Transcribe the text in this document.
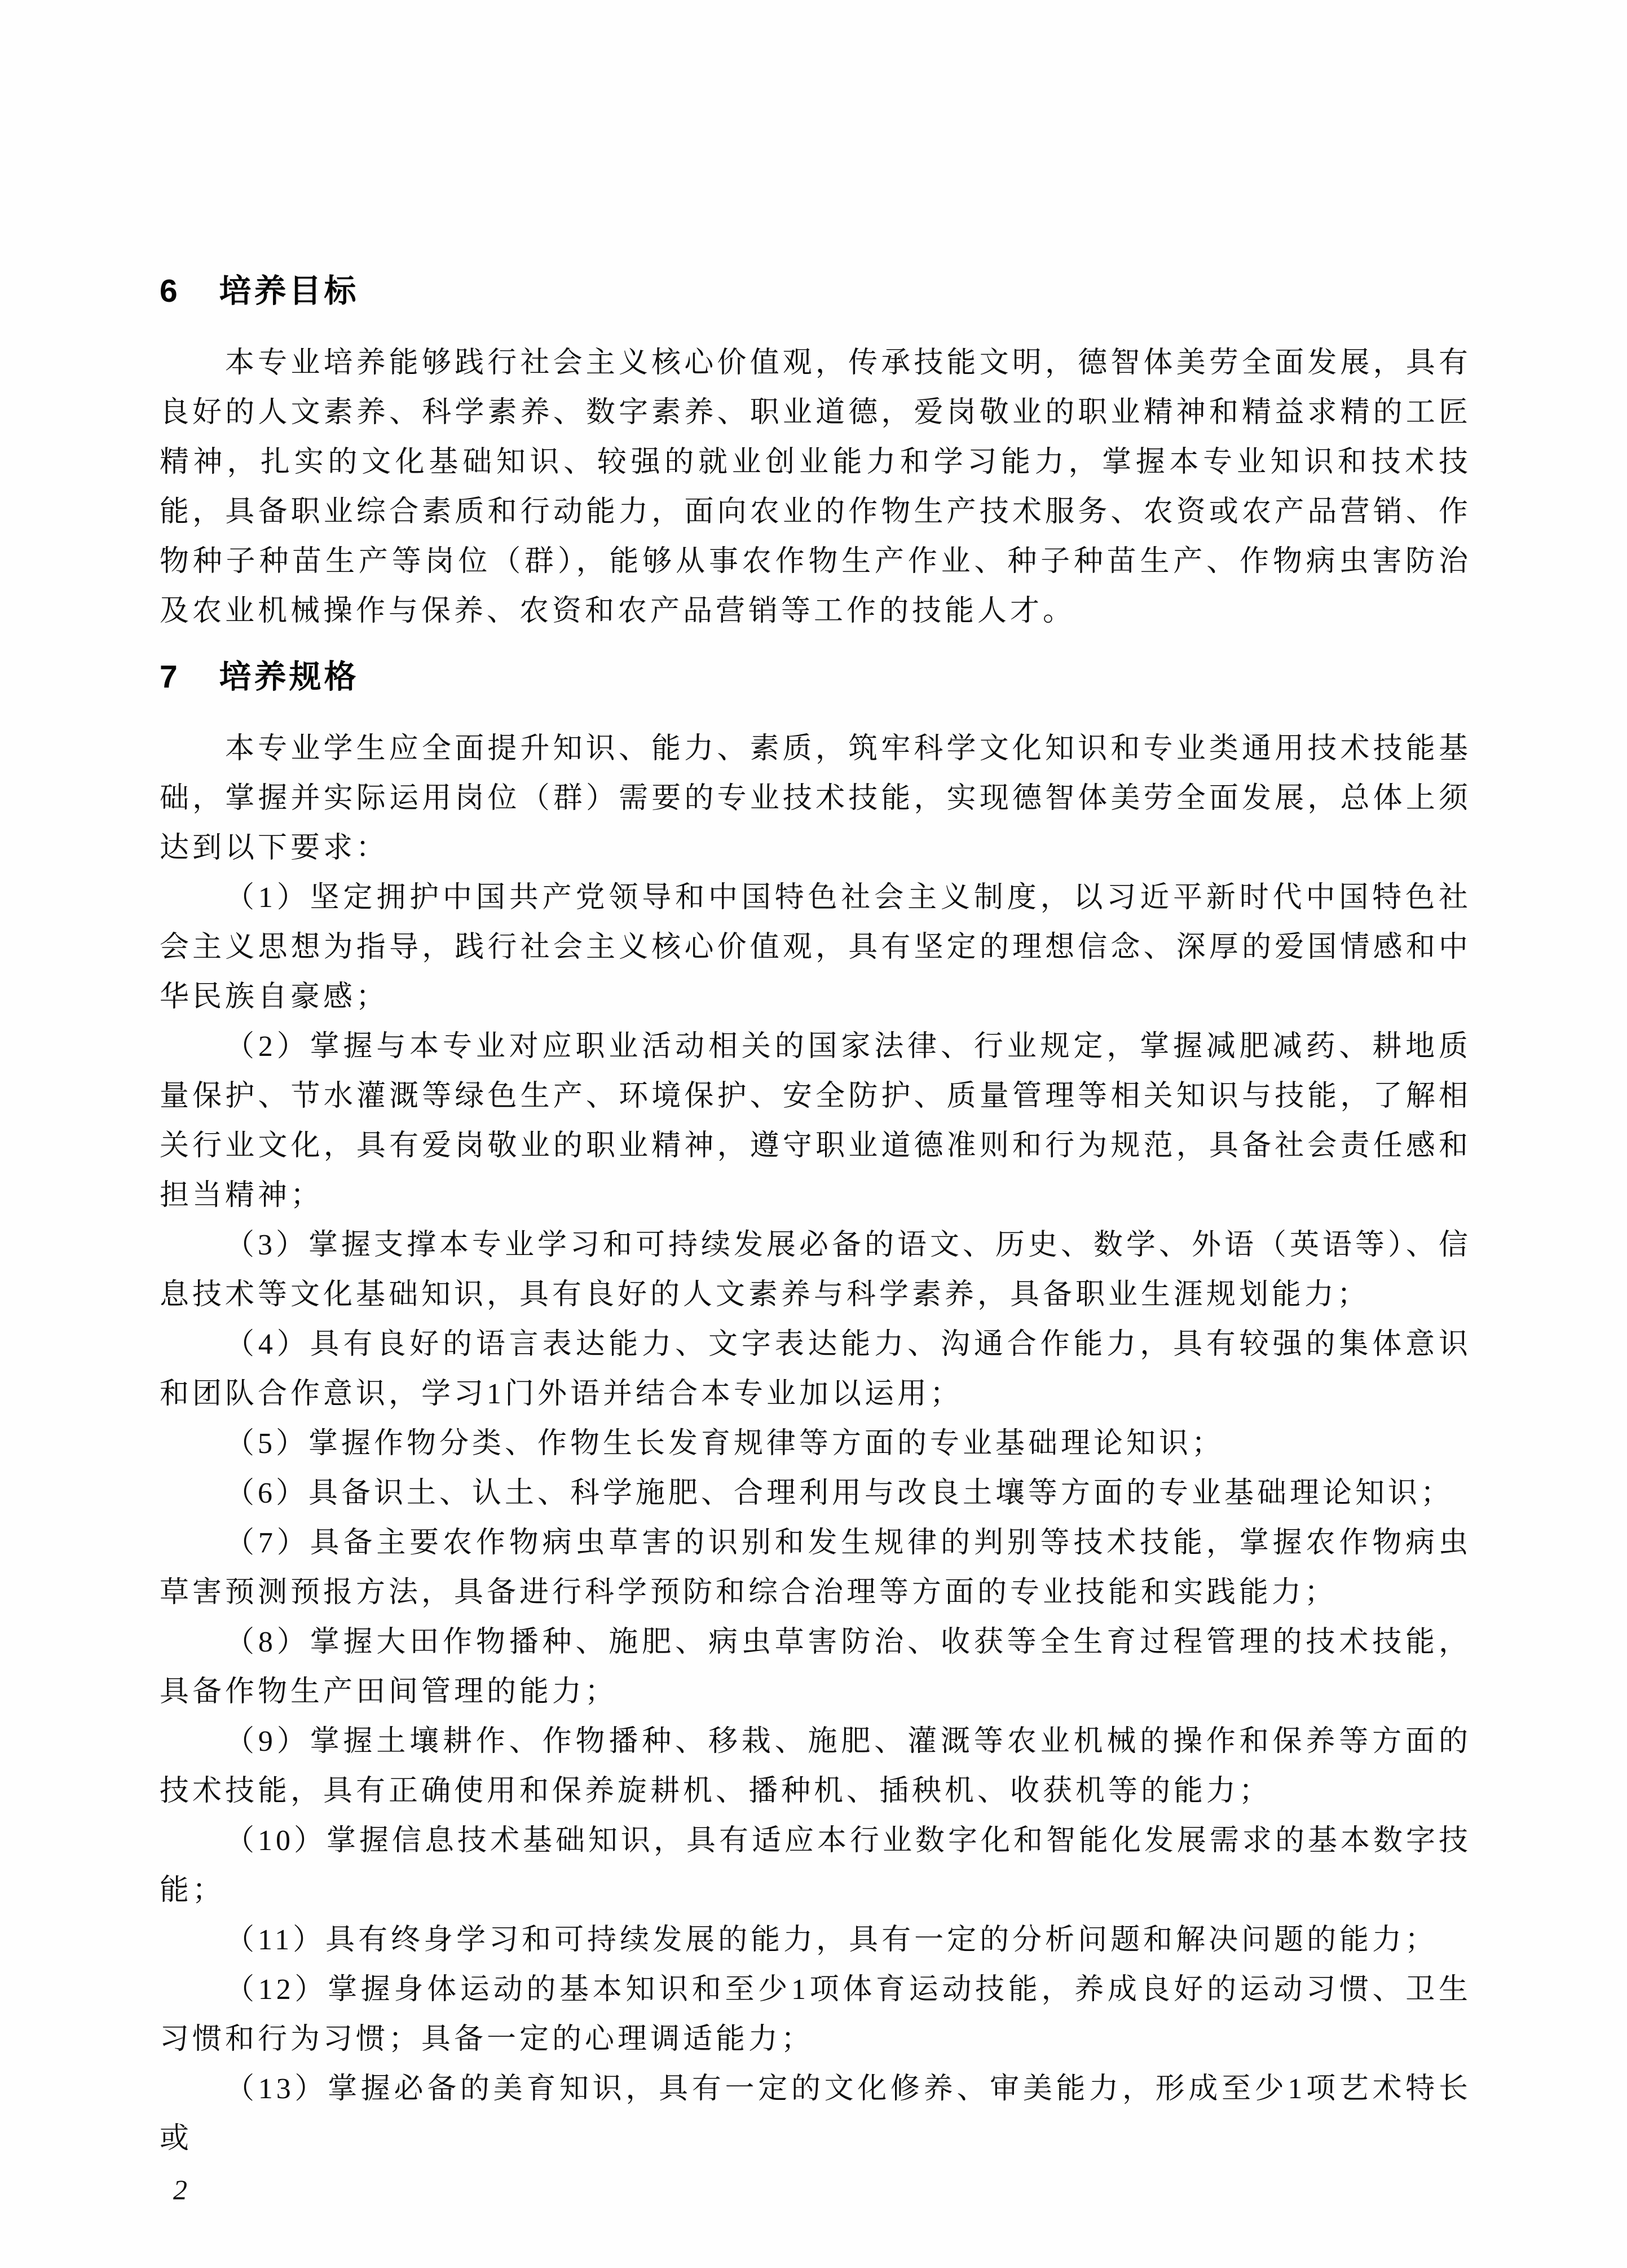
6 培养目标

本专业培养能够践行社会主义核心价值观，传承技能文明，德智体美劳全面发展，具有良好的人文素养、科学素养、数字素养、职业道德，爱岗敬业的职业精神和精益求精的工匠精神，扎实的文化基础知识、较强的就业创业能力和学习能力，掌握本专业知识和技术技能，具备职业综合素质和行动能力，面向农业的作物生产技术服务、农资或农产品营销、作物种子种苗生产等岗位（群），能够从事农作物生产作业、种子种苗生产、作物病虫害防治及农业机械操作与保养、农资和农产品营销等工作的技能人才。

7 培养规格

本专业学生应全面提升知识、能力、素质，筑牢科学文化知识和专业类通用技术技能基础，掌握并实际运用岗位（群）需要的专业技术技能，实现德智体美劳全面发展，总体上须达到以下要求：

（1）坚定拥护中国共产党领导和中国特色社会主义制度，以习近平新时代中国特色社会主义思想为指导，践行社会主义核心价值观，具有坚定的理想信念、深厚的爱国情感和中华民族自豪感；

（2）掌握与本专业对应职业活动相关的国家法律、行业规定，掌握减肥减药、耕地质量保护、节水灌溉等绿色生产、环境保护、安全防护、质量管理等相关知识与技能，了解相关行业文化，具有爱岗敬业的职业精神，遵守职业道德准则和行为规范，具备社会责任感和担当精神；

（3）掌握支撑本专业学习和可持续发展必备的语文、历史、数学、外语（英语等）、信息技术等文化基础知识，具有良好的人文素养与科学素养，具备职业生涯规划能力；

（4）具有良好的语言表达能力、文字表达能力、沟通合作能力，具有较强的集体意识和团队合作意识，学习1门外语并结合本专业加以运用；

（5）掌握作物分类、作物生长发育规律等方面的专业基础理论知识；

（6）具备识土、认土、科学施肥、合理利用与改良土壤等方面的专业基础理论知识；

（7）具备主要农作物病虫草害的识别和发生规律的判别等技术技能，掌握农作物病虫草害预测预报方法，具备进行科学预防和综合治理等方面的专业技能和实践能力；

（8）掌握大田作物播种、施肥、病虫草害防治、收获等全生育过程管理的技术技能，具备作物生产田间管理的能力；

（9）掌握土壤耕作、作物播种、移栽、施肥、灌溉等农业机械的操作和保养等方面的技术技能，具有正确使用和保养旋耕机、播种机、插秧机、收获机等的能力；

（10）掌握信息技术基础知识，具有适应本行业数字化和智能化发展需求的基本数字技能；

（11）具有终身学习和可持续发展的能力，具有一定的分析问题和解决问题的能力；

（12）掌握身体运动的基本知识和至少1项体育运动技能，养成良好的运动习惯、卫生习惯和行为习惯；具备一定的心理调适能力；

（13）掌握必备的美育知识，具有一定的文化修养、审美能力，形成至少1项艺术特长或

2
